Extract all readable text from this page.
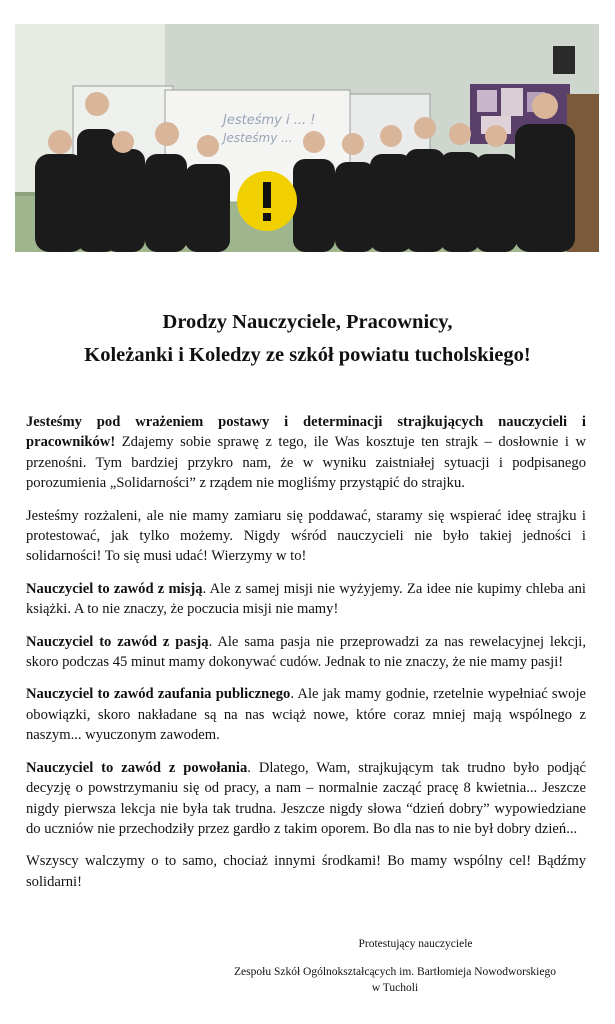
Jesteśmy i ... !
Jesteśmy ...
Drodzy Nauczyciele, Pracownicy,
Koleżanki i Koledzy ze szkół powiatu tucholskiego!

Jesteśmy pod wrażeniem postawy i determinacji strajkujących nauczycieli i pracowników! Zdajemy sobie sprawę z tego, ile Was kosztuje ten strajk – dosłownie i w przenośni. Tym bardziej przykro nam, że w wyniku zaistniałej sytuacji i podpisanego porozumienia „Solidarności” z rządem nie mogliśmy przystąpić do strajku.

Jesteśmy rozżaleni, ale nie mamy zamiaru się poddawać, staramy się wspierać ideę strajku i protestować, jak tylko możemy. Nigdy wśród nauczycieli nie było takiej jedności i solidarności! To się musi udać! Wierzymy w to!

Nauczyciel to zawód z misją. Ale z samej misji nie wyżyjemy. Za idee nie kupimy chleba ani książki. A to nie znaczy, że poczucia misji nie mamy!

Nauczyciel to zawód z pasją. Ale sama pasja nie przeprowadzi za nas rewelacyjnej lekcji, skoro podczas 45 minut mamy dokonywać cudów. Jednak to nie znaczy, że nie mamy pasji!

Nauczyciel to zawód zaufania publicznego. Ale jak mamy godnie, rzetelnie wypełniać swoje obowiązki, skoro nakładane są na nas wciąż nowe, które coraz mniej mają wspólnego z naszym... wyuczonym zawodem.

Nauczyciel to zawód z powołania. Dlatego, Wam, strajkującym tak trudno było podjąć decyzję o powstrzymaniu się od pracy, a nam – normalnie zacząć pracę 8 kwietnia... Jeszcze nigdy pierwsza lekcja nie była tak trudna. Jeszcze nigdy słowa “dzień dobry” wypowiedziane do uczniów nie przechodziły przez gardło z takim oporem. Bo dla nas to nie był dobry dzień...

Wszyscy walczymy o to samo, chociaż innymi środkami! Bo mamy wspólny cel! Bądźmy solidarni!

Protestujący nauczyciele
Zespołu Szkół Ogólnokształcących im. Bartłomieja Nowodworskiego
w Tucholi
